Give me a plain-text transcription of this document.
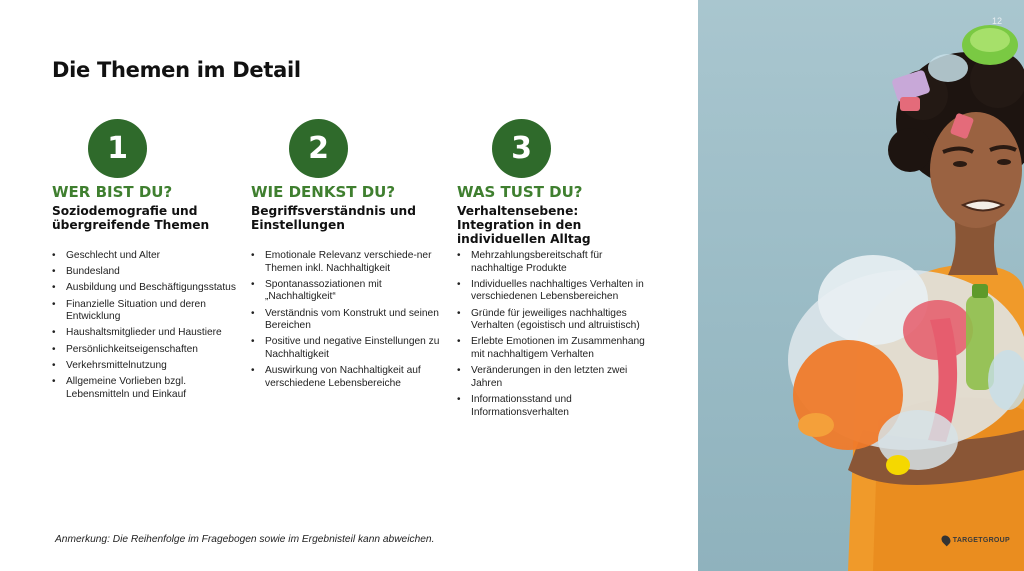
Die Themen im Detail
1
WER BIST DU?
Soziodemografie und übergreifende Themen
• Geschlecht und Alter
• Bundesland
• Ausbildung und Beschäftigungsstatus
• Finanzielle Situation und deren Entwicklung
• Haushaltsmitglieder und Haustiere
• Persönlichkeitseigenschaften
• Verkehrsmittelnutzung
• Allgemeine Vorlieben bzgl. Lebensmitteln und Einkauf
2
WIE DENKST DU?
Begriffsverständnis und Einstellungen
• Emotionale Relevanz verschiede-ner Themen inkl. Nachhaltigkeit
• Spontanassoziationen mit „Nachhaltigkeit“
• Verständnis vom Konstrukt und seinen Bereichen
• Positive und negative Einstellungen zu Nachhaltigkeit
• Auswirkung von Nachhaltigkeit auf verschiedene Lebensbereiche
3
WAS TUST DU?
Verhaltensebene: Integration in den individuellen Alltag
• Mehrzahlungsbereitschaft für nachhaltige Produkte
• Individuelles nachhaltiges Verhalten in verschiedenen Lebensbereichen
• Gründe für jeweiliges nachhaltiges Verhalten (egoistisch und altruistisch)
• Erlebte Emotionen im Zusammenhang mit nachhaltigem Verhalten
• Veränderungen in den letzten zwei Jahren
• Informationsstand und Informationsverhalten

Anmerkung: Die Reihenfolge im Fragebogen sowie im Ergebnisteil kann abweichen.

12
TARGETGROUP
